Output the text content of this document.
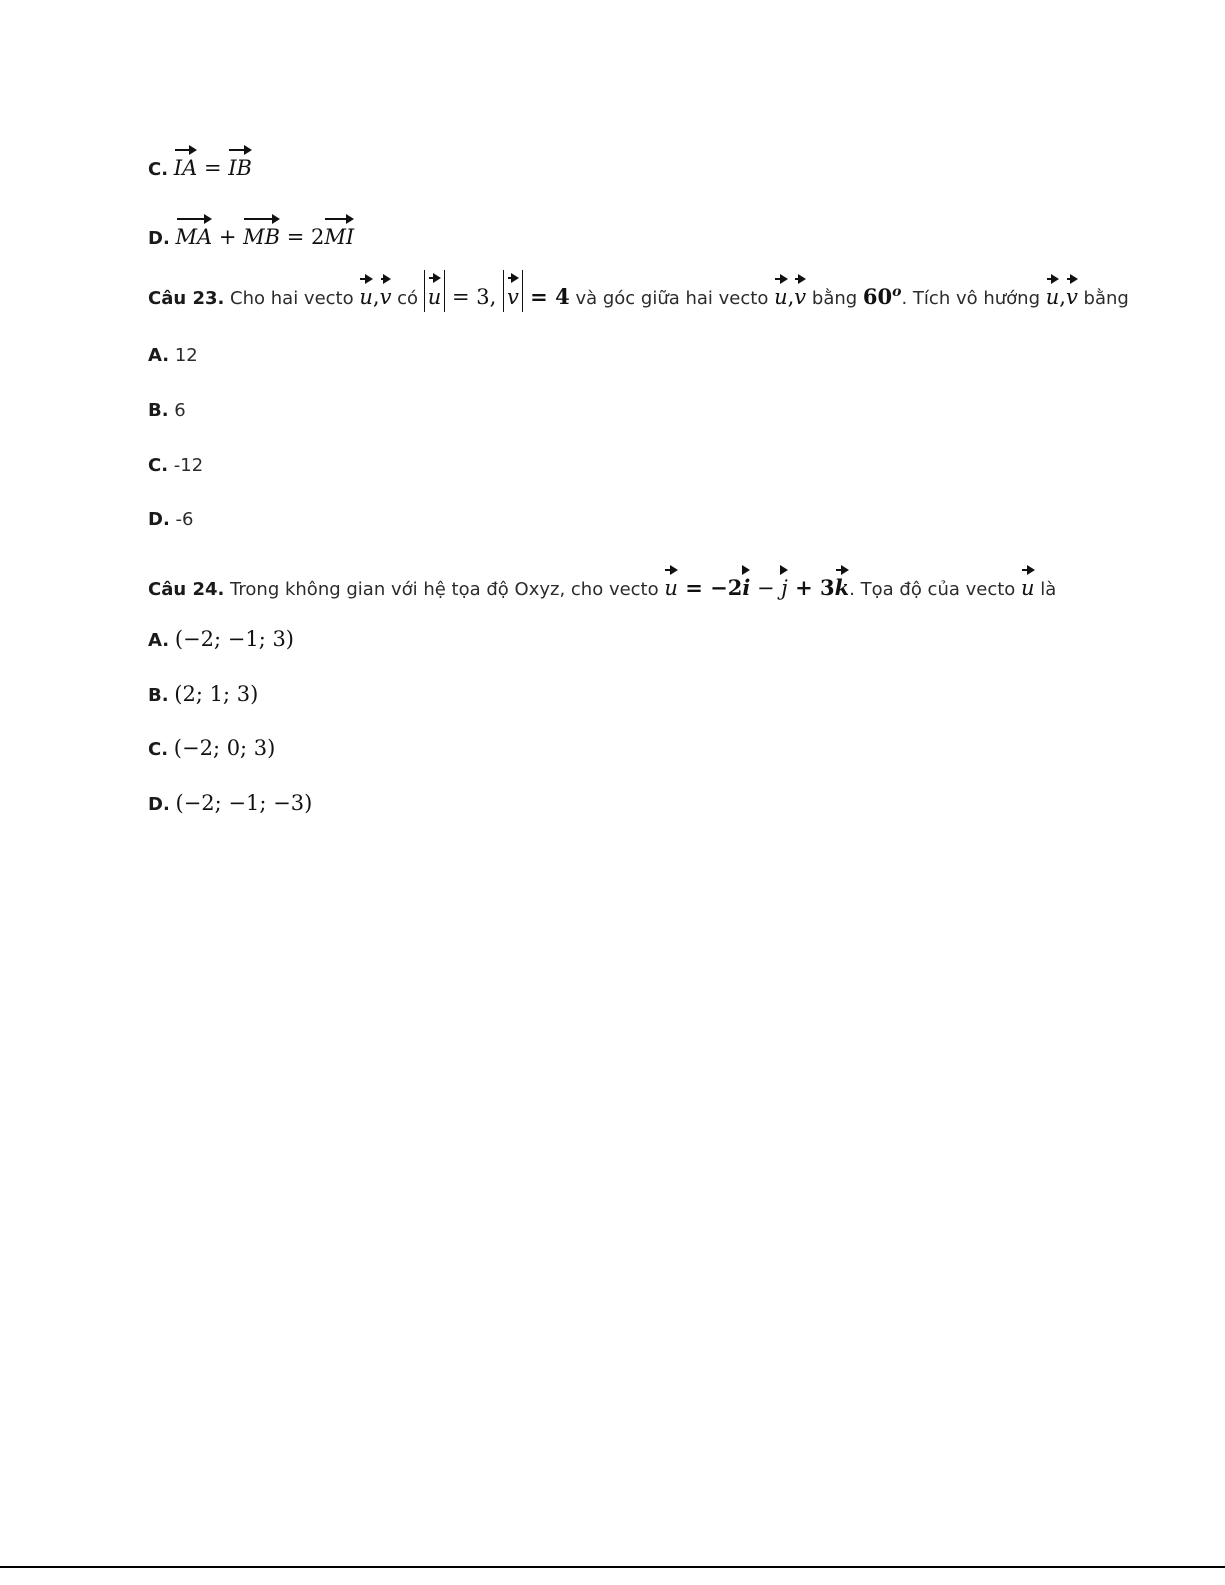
C. IA = IB
D. MA + MB = 2MI
Câu 23. Cho hai vecto u,v có u = 3, v = 4 và góc giữa hai vecto u,v bằng 60$^o$. Tích vô hướng u,v bằng
A. 12
B. 6
C. -12
D. -6
Câu 24. Trong không gian với hệ tọa độ Oxyz, cho vecto u = −2i − j + 3k. Tọa độ của vecto u là
A. (−2; −1; 3)
B. (2; 1; 3)
C. (−2; 0; 3)
D. (−2; −1; −3)
